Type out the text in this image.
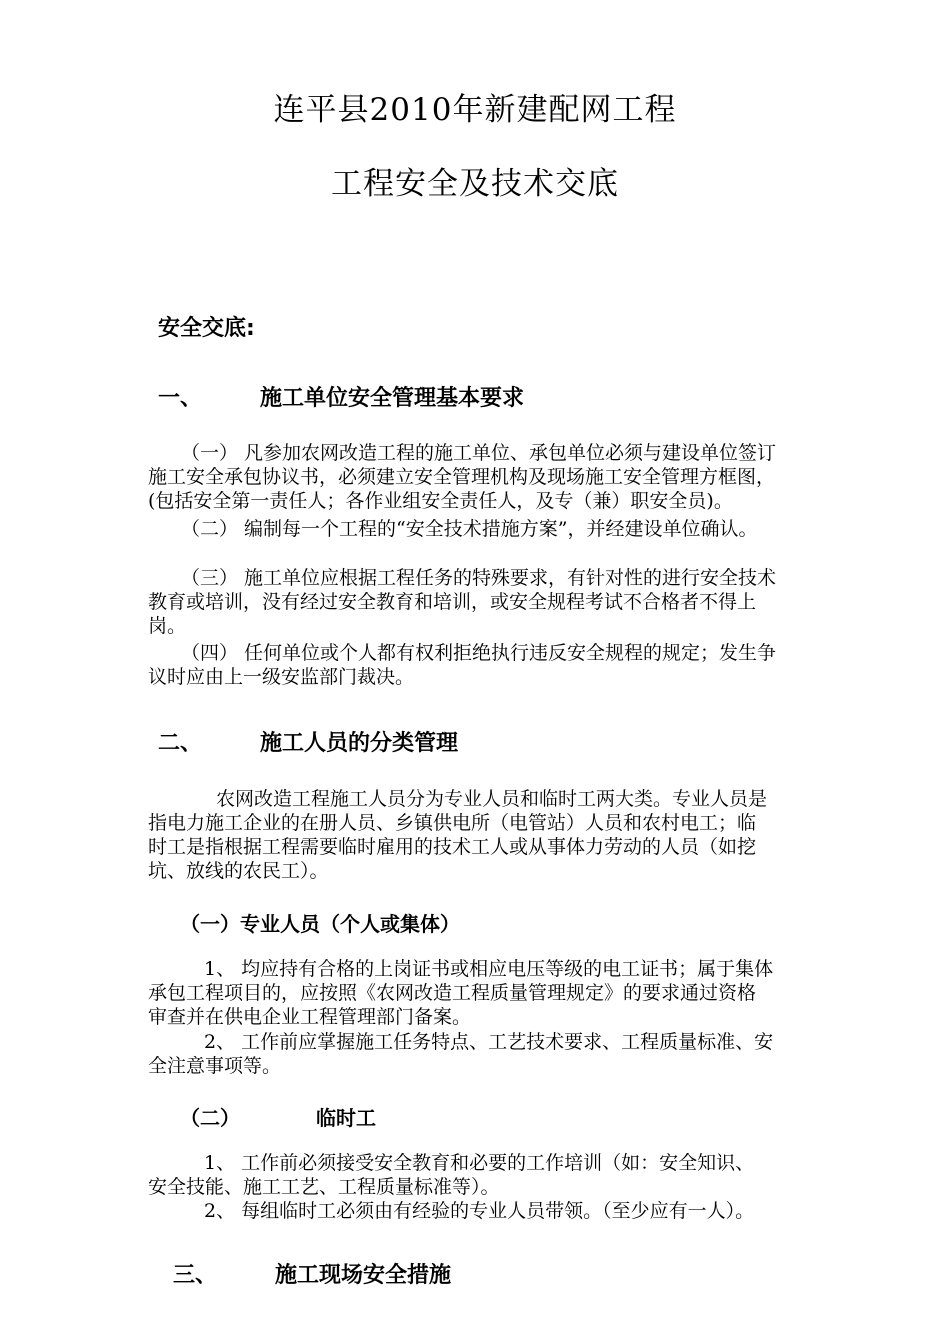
连平县2010年新建配网工程
工程安全及技术交底
安全交底:
一、	施工单位安全管理基本要求
（一） 凡参加农网改造工程的施工单位、承包单位必须与建设单位签订
施工安全承包协议书，必须建立安全管理机构及现场施工安全管理方框图，
(包括安全第一责任人；各作业组安全责任人，及专（兼）职安全员)。
（二） 编制每一个工程的“安全技术措施方案”，并经建设单位确认。
（三） 施工单位应根据工程任务的特殊要求，有针对性的进行安全技术
教育或培训，没有经过安全教育和培训，或安全规程考试不合格者不得上
岗。
（四） 任何单位或个人都有权利拒绝执行违反安全规程的规定；发生争
议时应由上一级安监部门裁决。
二、	施工人员的分类管理
农网改造工程施工人员分为专业人员和临时工两大类。专业人员是
指电力施工企业的在册人员、乡镇供电所（电管站）人员和农村电工；临
时工是指根据工程需要临时雇用的技术工人或从事体力劳动的人员（如挖
坑、放线的农民工）。
（一）专业人员（个人或集体）
1、 均应持有合格的上岗证书或相应电压等级的电工证书；属于集体
承包工程项目的，应按照《农网改造工程质量管理规定》的要求通过资格
审查并在供电企业工程管理部门备案。
2、 工作前应掌握施工任务特点、工艺技术要求、工程质量标准、安
全注意事项等。
（二）	临时工
1、 工作前必须接受安全教育和必要的工作培训（如：安全知识、
安全技能、施工工艺、工程质量标准等）。
2、 每组临时工必须由有经验的专业人员带领。（至少应有一人）。
三、	施工现场安全措施
